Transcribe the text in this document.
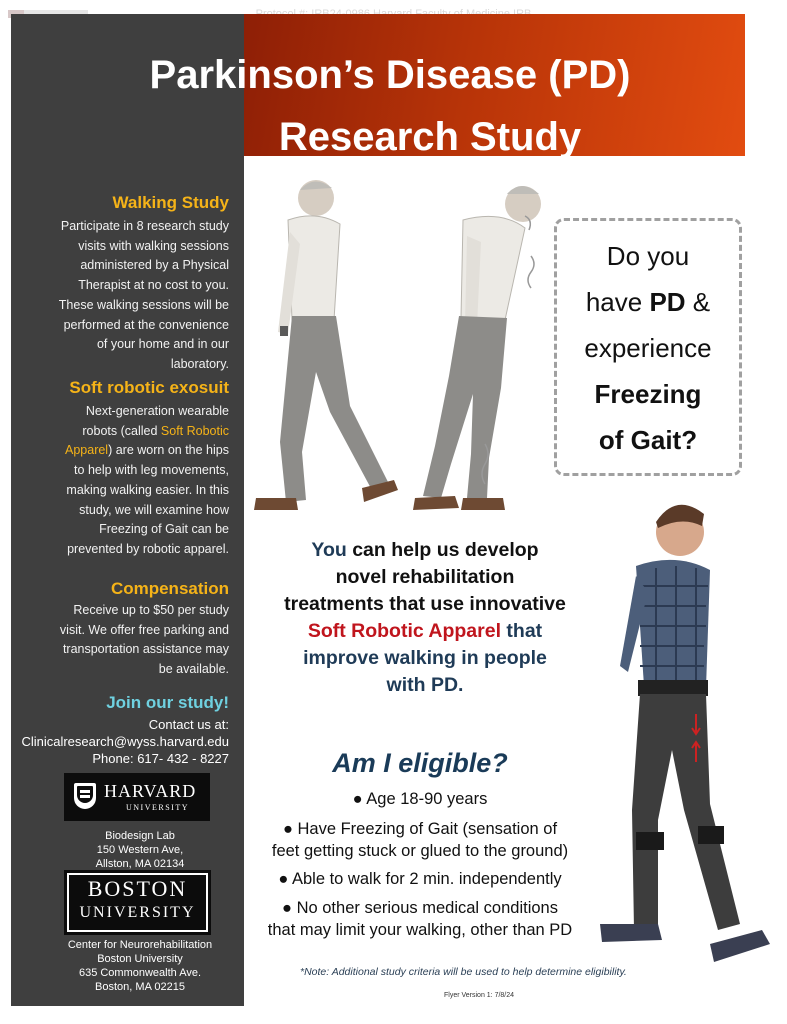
Parkinson’s Disease (PD)
Research Study
Walking Study
Participate in 8 research study
visits with walking sessions
administered by a Physical
Therapist at no cost to you.
These walking sessions will be
performed at the convenience
of your home and in our
laboratory.
Soft robotic exosuit
Next-generation wearable
robots (called Soft Robotic
Apparel) are worn on the hips
to help with leg movements,
making walking easier. In this
study, we will examine how
Freezing of Gait can be
prevented by robotic apparel.
Compensation
Receive up to $50 per study
visit. We offer free parking and
transportation assistance may
be available.
Join our study!
Contact us at:
Clinicalresearch@wyss.harvard.edu
Phone: 617- 432 - 8227
HARVARD
UNIVERSITY
Biodesign Lab
150 Western Ave,
Allston, MA 02134
BOSTON
UNIVERSITY
Center for Neurorehabilitation
Boston University
635 Commonwealth Ave.
Boston, MA 02215
Do you
have PD &
experience
Freezing
of Gait?
You can help us develop
novel rehabilitation
treatments that use innovative
Soft Robotic Apparel that
improve walking in people
with PD.
Am I eligible?
● Age 18-90 years
● Have Freezing of Gait (sensation of
feet getting stuck or glued to the ground)
● Able to walk for 2 min. independently
● No other serious medical conditions
that may limit your walking, other than PD
*Note: Additional study criteria will be used to help determine eligibility.
Flyer Version 1: 7/8/24
